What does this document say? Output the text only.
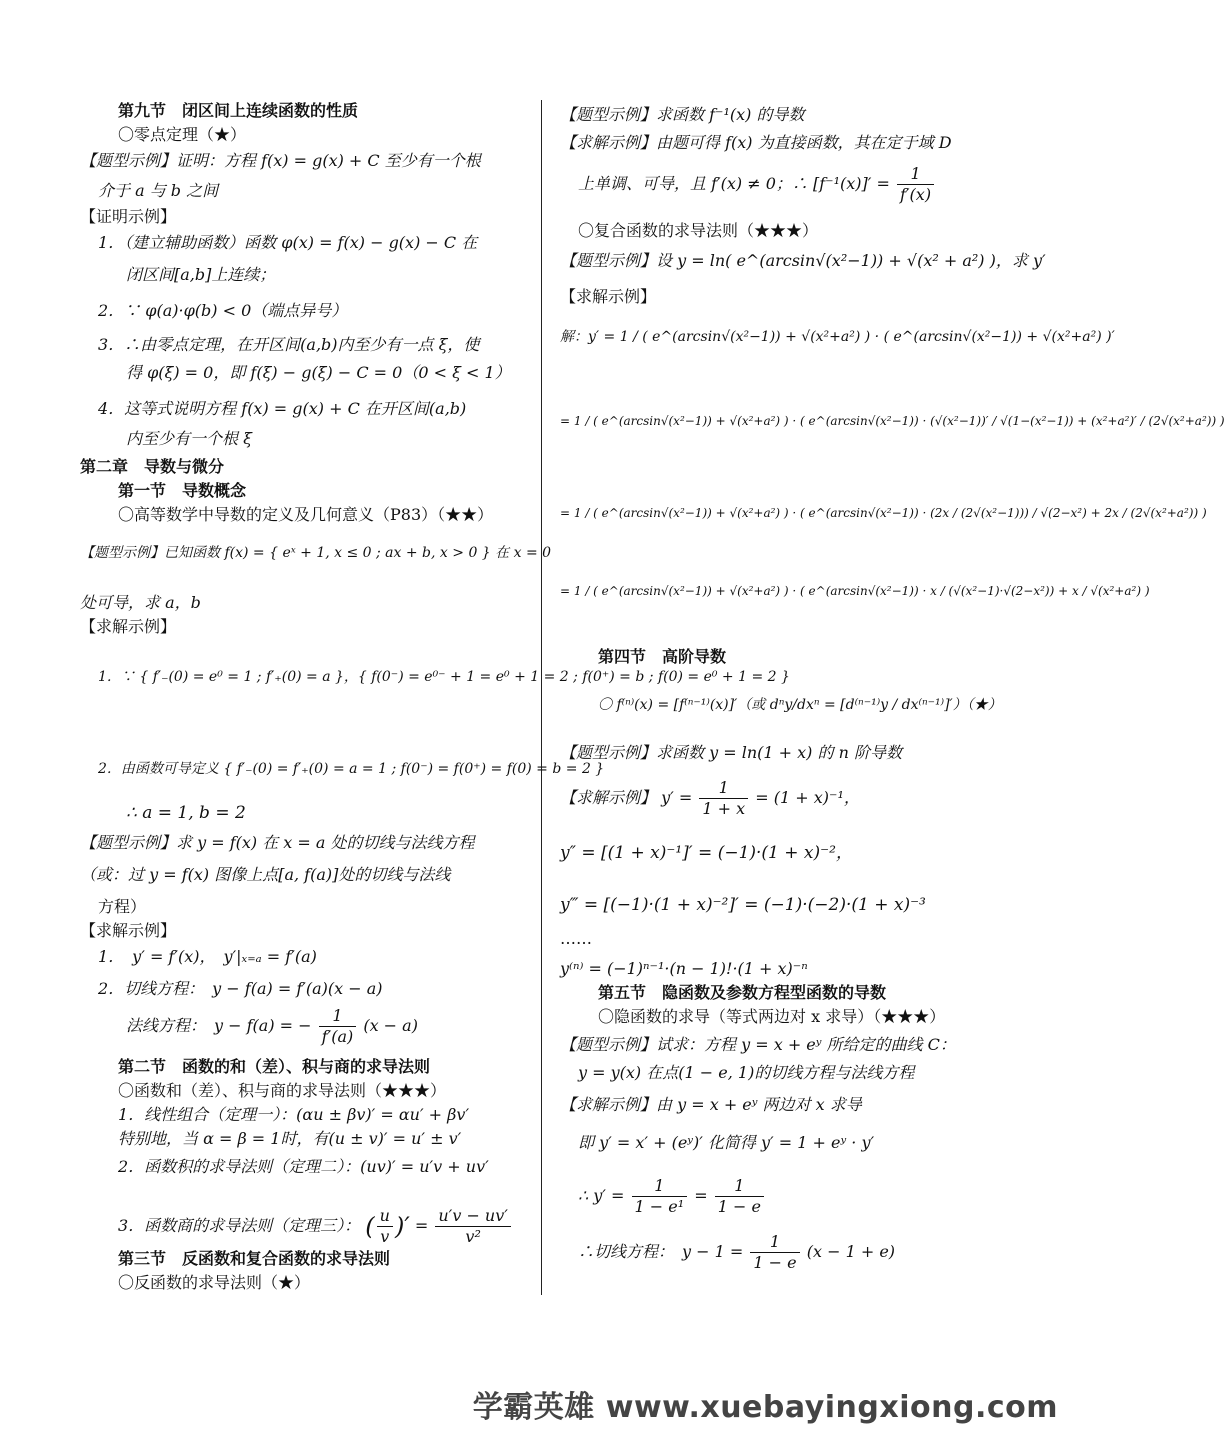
第九节　闭区间上连续函数的性质
〇零点定理（★）
【题型示例】证明：方程 f(x) = g(x) + C 至少有一个根
介于 a 与 b 之间
【证明示例】
1．（建立辅助函数）函数 φ(x) = f(x) − g(x) − C 在
闭区间[a,b]上连续；
2．∵ φ(a)·φ(b) < 0（端点异号）
3．∴由零点定理，在开区间(a,b)内至少有一点 ξ，使
得 φ(ξ) = 0，即 f(ξ) − g(ξ) − C = 0（0 < ξ < 1）
4．这等式说明方程 f(x) = g(x) + C 在开区间(a,b)
内至少有一个根 ξ
第二章　导数与微分
第一节　导数概念
〇高等数学中导数的定义及几何意义（P83）（★★）
【题型示例】已知函数 f(x) = { eˣ + 1, x ≤ 0 ; ax + b, x > 0 } 在 x = 0
处可导，求 a，b
【求解示例】
1．∵ { f′₋(0) = e⁰ = 1 ; f′₊(0) = a }，{ f(0⁻) = e⁰⁻ + 1 = e⁰ + 1 = 2 ; f(0⁺) = b ; f(0) = e⁰ + 1 = 2 }
2．由函数可导定义 { f′₋(0) = f′₊(0) = a = 1 ; f(0⁻) = f(0⁺) = f(0) = b = 2 }
∴ a = 1, b = 2
【题型示例】求 y = f(x) 在 x = a 处的切线与法线方程
（或：过 y = f(x) 图像上点[a, f(a)]处的切线与法线
方程）
【求解示例】
1．　y′ = f′(x)，　y′|ₓ₌ₐ = f′(a)
2．切线方程：　y − f(a) = f′(a)(x − a)
法线方程：　y − f(a) = − $\frac{1}{f'(a)} (x - a)$
第二节　函数的和（差）、积与商的求导法则
〇函数和（差）、积与商的求导法则（★★★）
1．线性组合（定理一）：(αu ± βv)′ = αu′ + βv′
特别地，当 α = β = 1时，有(u ± v)′ = u′ ± v′
2．函数积的求导法则（定理二）：(uv)′ = u′v + uv′
3．函数商的求导法则（定理三）： ( $\frac{u}{v}$ )′ = $\frac{u'v - uv'}{\text{v²}}$
第三节　反函数和复合函数的求导法则
〇反函数的求导法则（★）
【题型示例】求函数 f⁻¹(x) 的导数
【求解示例】由题可得 f(x) 为直接函数，其在定于域 D
上单调、可导，且 f′(x) ≠ 0；∴ $[f^{-1}(x)]' = \frac{1}{f'(x)}$
〇复合函数的求导法则（★★★）
【题型示例】设 y = ln( e^(arcsin√(x²−1)) + √(x² + a²) )，求 y′
【求解示例】
解：y′ = 1 / ( e^(arcsin√(x²−1)) + √(x²+a²) ) · ( e^(arcsin√(x²−1)) + √(x²+a²) )′
= 1 / ( e^(arcsin√(x²−1)) + √(x²+a²) ) · ( e^(arcsin√(x²−1)) · (√(x²−1))′ / √(1−(x²−1)) + (x²+a²)′ / (2√(x²+a²)) )
= 1 / ( e^(arcsin√(x²−1)) + √(x²+a²) ) · ( e^(arcsin√(x²−1)) · (2x / (2√(x²−1))) / √(2−x²) + 2x / (2√(x²+a²)) )
= 1 / ( e^(arcsin√(x²−1)) + √(x²+a²) ) · ( e^(arcsin√(x²−1)) · x / (√(x²−1)·√(2−x²)) + x / √(x²+a²) )
第四节　高阶导数
〇 f⁽ⁿ⁾(x) = [f⁽ⁿ⁻¹⁾(x)]′（或 dⁿy/dxⁿ = [d⁽ⁿ⁻¹⁾y / dx⁽ⁿ⁻¹⁾]′）（★）
【题型示例】求函数 y = ln(1 + x) 的 n 阶导数
【求解示例】 $y' = \frac{1}{1 + x} = (1 + x)^{-1}$，
y″ = [(1 + x)⁻¹]′ = (−1)·(1 + x)⁻²，
y‴ = [(−1)·(1 + x)⁻²]′ = (−1)·(−2)·(1 + x)⁻³
……
y⁽ⁿ⁾ = (−1)ⁿ⁻¹·(n − 1)!·(1 + x)⁻ⁿ
第五节　隐函数及参数方程型函数的导数
〇隐函数的求导（等式两边对 x 求导）（★★★）
【题型示例】试求：方程 y = x + eʸ 所给定的曲线 C：
y = y(x) 在点(1 − e, 1)的切线方程与法线方程
【求解示例】由 y = x + eʸ 两边对 x 求导
即 y′ = x′ + (eʸ)′ 化简得 y′ = 1 + eʸ · y′
∴ $y' = \frac{1}{\text{1 − e¹}} = \frac{1}{1 - e}$
∴切线方程：　$y - 1 = \frac{1}{1 - e} (x - 1 + e)$
学霸英雄 www.xuebayingxiong.com
